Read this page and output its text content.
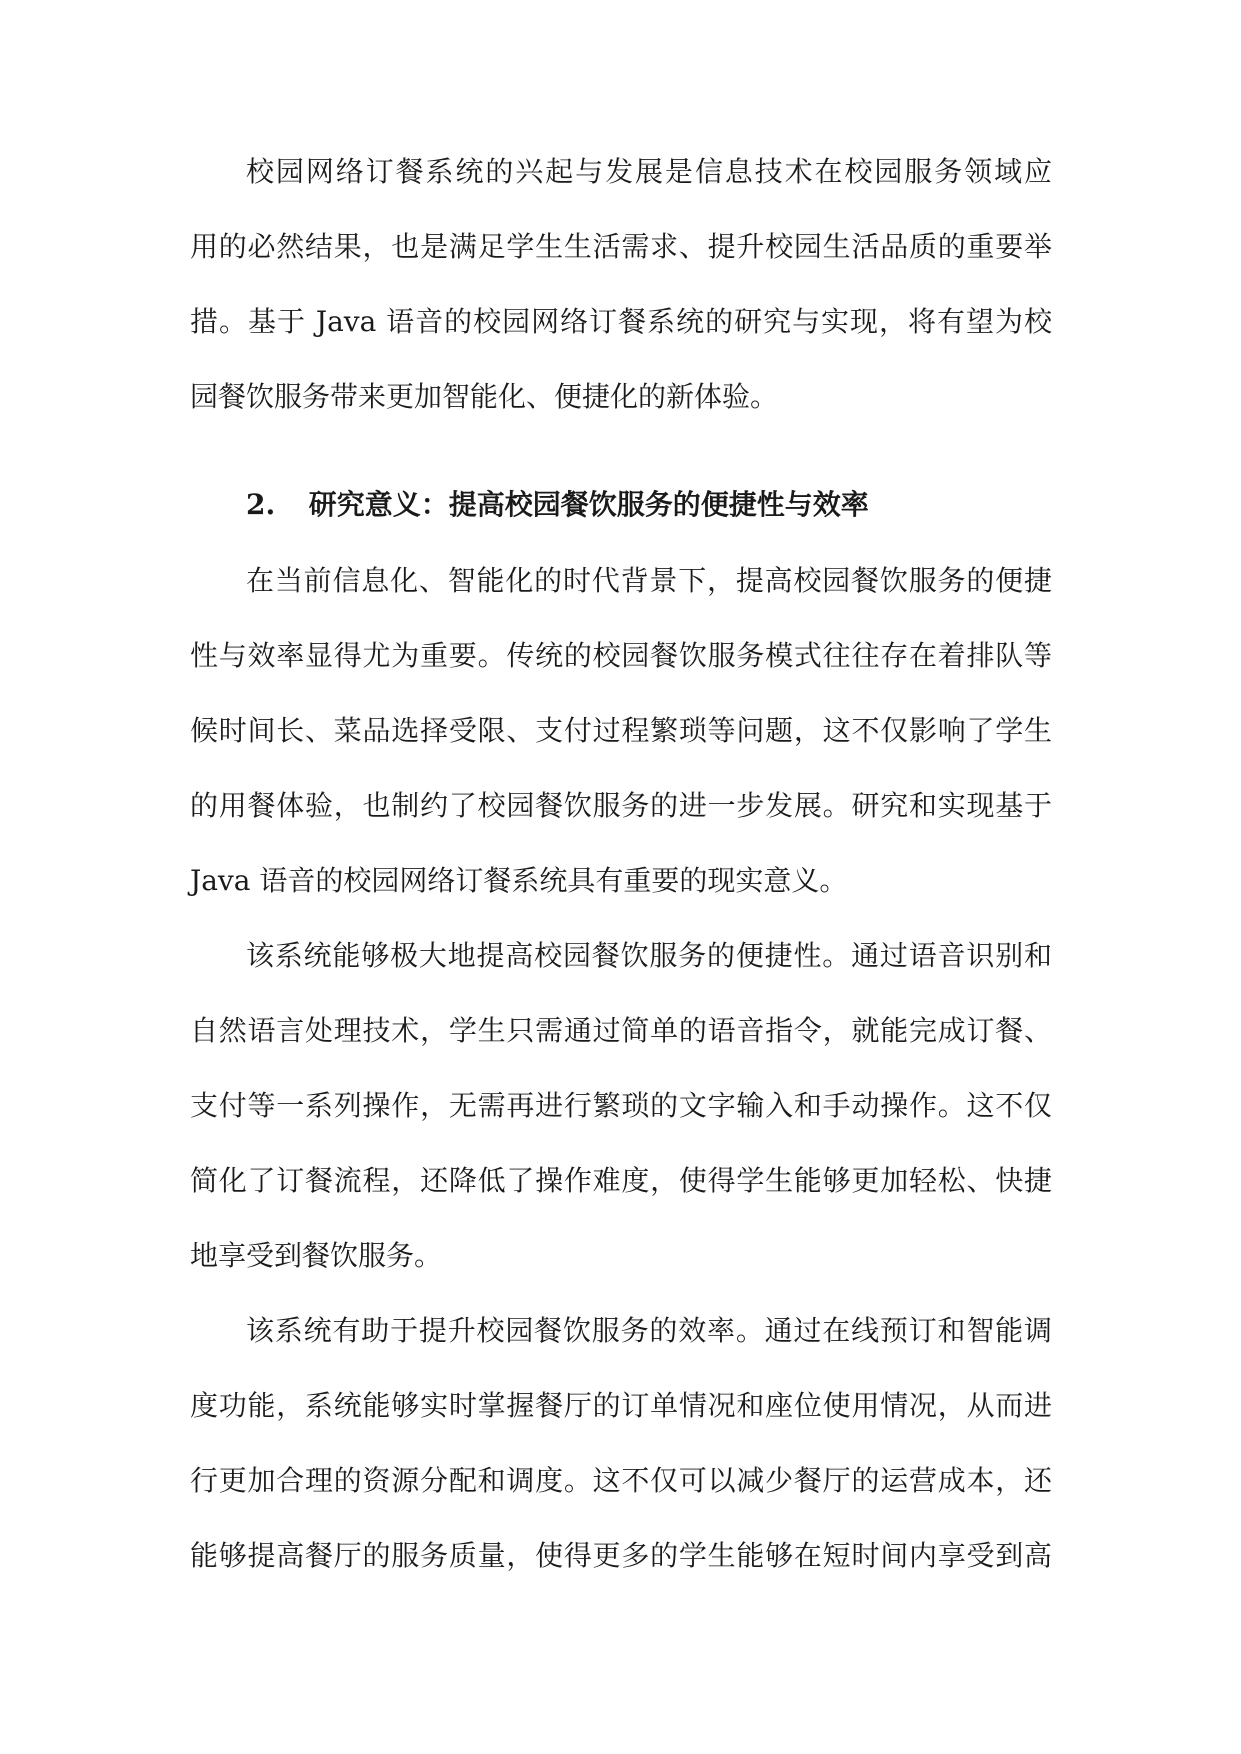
校园网络订餐系统的兴起与发展是信息技术在校园服务领域应
用的必然结果，也是满足学生生活需求、提升校园生活品质的重要举
措。基于 Java 语音的校园网络订餐系统的研究与实现，将有望为校
园餐饮服务带来更加智能化、便捷化的新体验。
2. 研究意义：提高校园餐饮服务的便捷性与效率
在当前信息化、智能化的时代背景下，提高校园餐饮服务的便捷
性与效率显得尤为重要。传统的校园餐饮服务模式往往存在着排队等
候时间长、菜品选择受限、支付过程繁琐等问题，这不仅影响了学生
的用餐体验，也制约了校园餐饮服务的进一步发展。研究和实现基于
Java 语音的校园网络订餐系统具有重要的现实意义。
该系统能够极大地提高校园餐饮服务的便捷性。通过语音识别和
自然语言处理技术，学生只需通过简单的语音指令，就能完成订餐、
支付等一系列操作，无需再进行繁琐的文字输入和手动操作。这不仅
简化了订餐流程，还降低了操作难度，使得学生能够更加轻松、快捷
地享受到餐饮服务。
该系统有助于提升校园餐饮服务的效率。通过在线预订和智能调
度功能，系统能够实时掌握餐厅的订单情况和座位使用情况，从而进
行更加合理的资源分配和调度。这不仅可以减少餐厅的运营成本，还
能够提高餐厅的服务质量，使得更多的学生能够在短时间内享受到高
